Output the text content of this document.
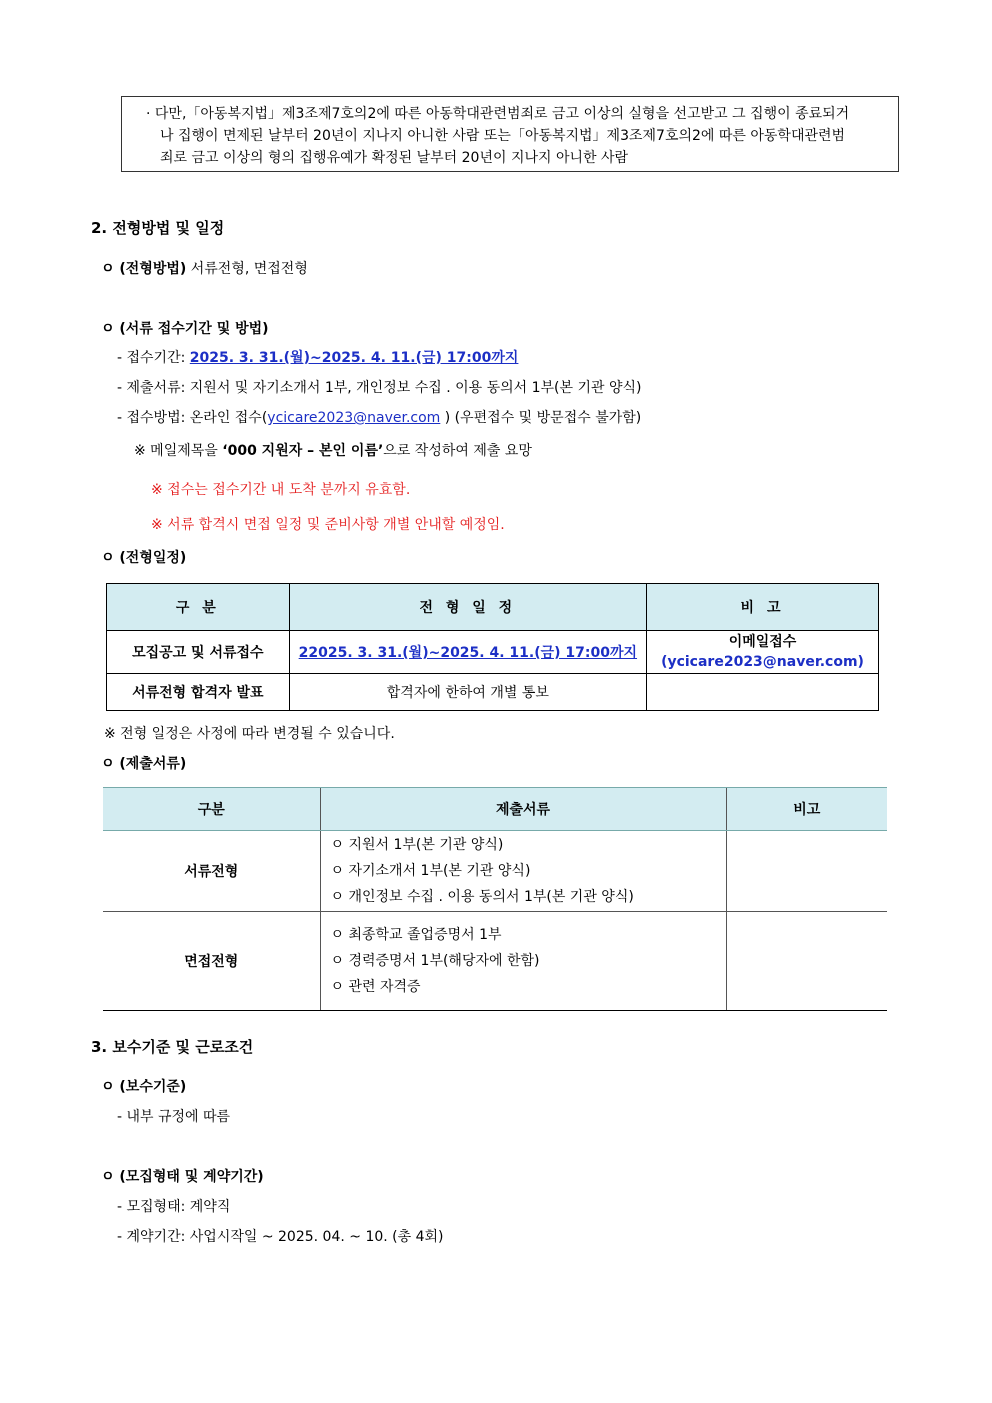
· 다만,「아동복지법」제3조제7호의2에 따른 아동학대관련범죄로 금고 이상의 실형을 선고받고 그 집행이 종료되거
나 집행이 면제된 날부터 20년이 지나지 아니한 사람 또는「아동복지법」제3조제7호의2에 따른 아동학대관련범
죄로 금고 이상의 형의 집행유예가 확정된 날부터 20년이 지나지 아니한 사람
2. 전형방법 및 일정
ㅇ (전형방법) 서류전형, 면접전형
ㅇ (서류 접수기간 및 방법)
- 접수기간: 2025. 3. 31.(월)~2025. 4. 11.(금) 17:00까지
- 제출서류: 지원서 및 자기소개서 1부, 개인정보 수집 . 이용 동의서 1부(본 기관 양식)
- 접수방법: 온라인 접수(ycicare2023@naver.com ) (우편접수 및 방문접수 불가함)
※ 메일제목을 ‘000 지원자 – 본인 이름’으로 작성하여 제출 요망
※ 접수는 접수기간 내 도착 분까지 유효함.
※ 서류 합격시 면접 일정 및 준비사항 개별 안내할 예정임.
ㅇ (전형일정)
구 분	전 형 일 정	비 고
모집공고 및 서류접수	22025. 3. 31.(월)~2025. 4. 11.(금) 17:00까지	이메일접수
(ycicare2023@naver.com)

서류전형 합격자 발표	합격자에 한하여 개별 통보	
※ 전형 일정은 사정에 따라 변경될 수 있습니다.
ㅇ (제출서류)
구분	제출서류	비고
서류전형	ㅇ 지원서 1부(본 기관 양식)
ㅇ 자기소개서 1부(본 기관 양식)
ㅇ 개인정보 수집 . 이용 동의서 1부(본 기관 양식)	

면접전형	ㅇ 최종학교 졸업증명서 1부
ㅇ 경력증명서 1부(해당자에 한함)
ㅇ 관련 자격증	

3. 보수기준 및 근로조건
ㅇ (보수기준)
- 내부 규정에 따름
ㅇ (모집형태 및 계약기간)
- 모집형태: 계약직
- 계약기간: 사업시작일 ~ 2025. 04. ~ 10. (총 4회)
